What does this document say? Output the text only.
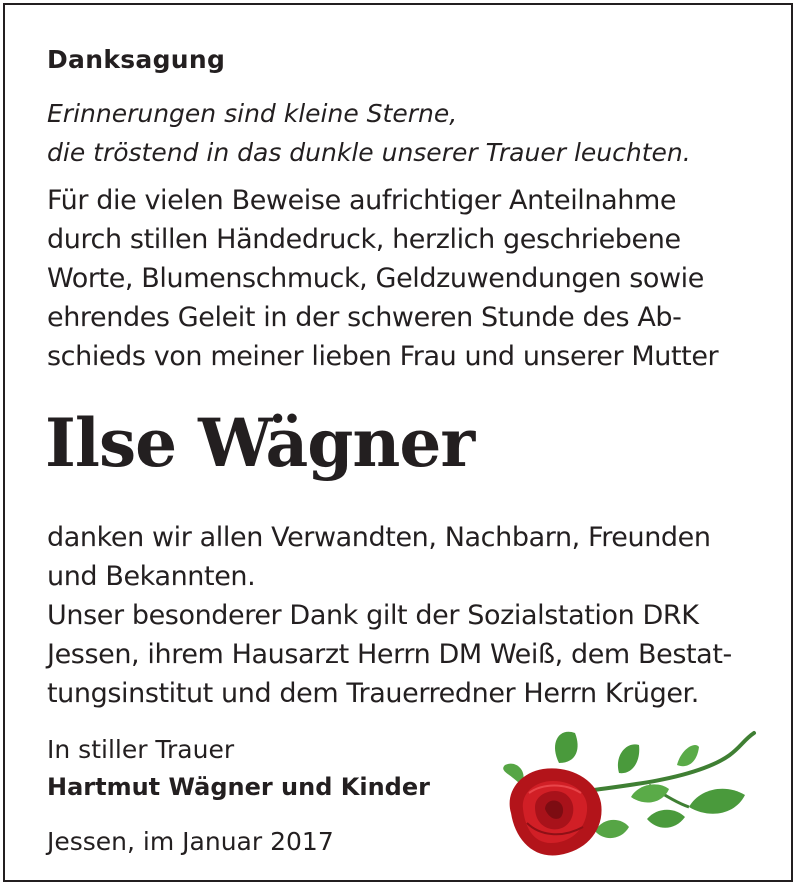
Danksagung
Erinnerungen sind kleine Sterne,
die tröstend in das dunkle unserer Trauer leuchten.
Für die vielen Beweise aufrichtiger Anteilnahme
durch stillen Händedruck, herzlich geschriebene
Worte, Blumenschmuck, Geldzuwendungen sowie
ehrendes Geleit in der schweren Stunde des Ab-
schieds von meiner lieben Frau und unserer Mutter
Ilse Wägner
danken wir allen Verwandten, Nachbarn, Freunden
und Bekannten.
Unser besonderer Dank gilt der Sozialstation DRK
Jessen, ihrem Hausarzt Herrn DM Weiß, dem Bestat-
tungsinstitut und dem Trauerredner Herrn Krüger.
In stiller Trauer
Hartmut Wägner und Kinder
Jessen, im Januar 2017
